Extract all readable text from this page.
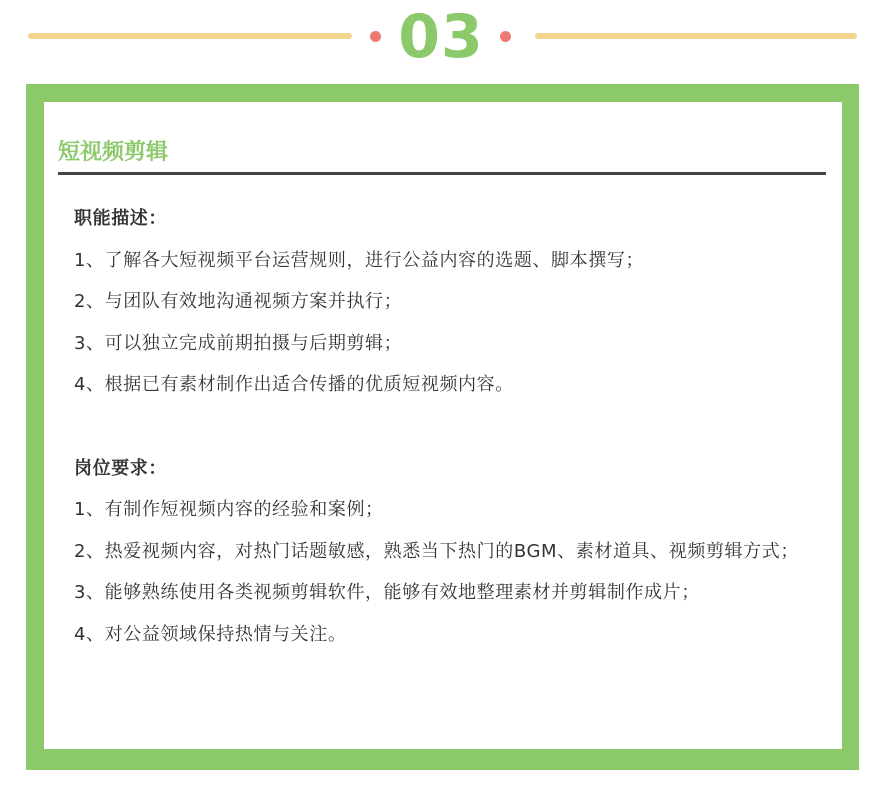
03
短视频剪辑

职能描述：

1、了解各大短视频平台运营规则，进行公益内容的选题、脚本撰写；

2、与团队有效地沟通视频方案并执行；

3、可以独立完成前期拍摄与后期剪辑；

4、根据已有素材制作出适合传播的优质短视频内容。

岗位要求：

1、有制作短视频内容的经验和案例；

2、热爱视频内容，对热门话题敏感，熟悉当下热门的BGM、素材道具、视频剪辑方式；

3、能够熟练使用各类视频剪辑软件，能够有效地整理素材并剪辑制作成片；

4、对公益领域保持热情与关注。
